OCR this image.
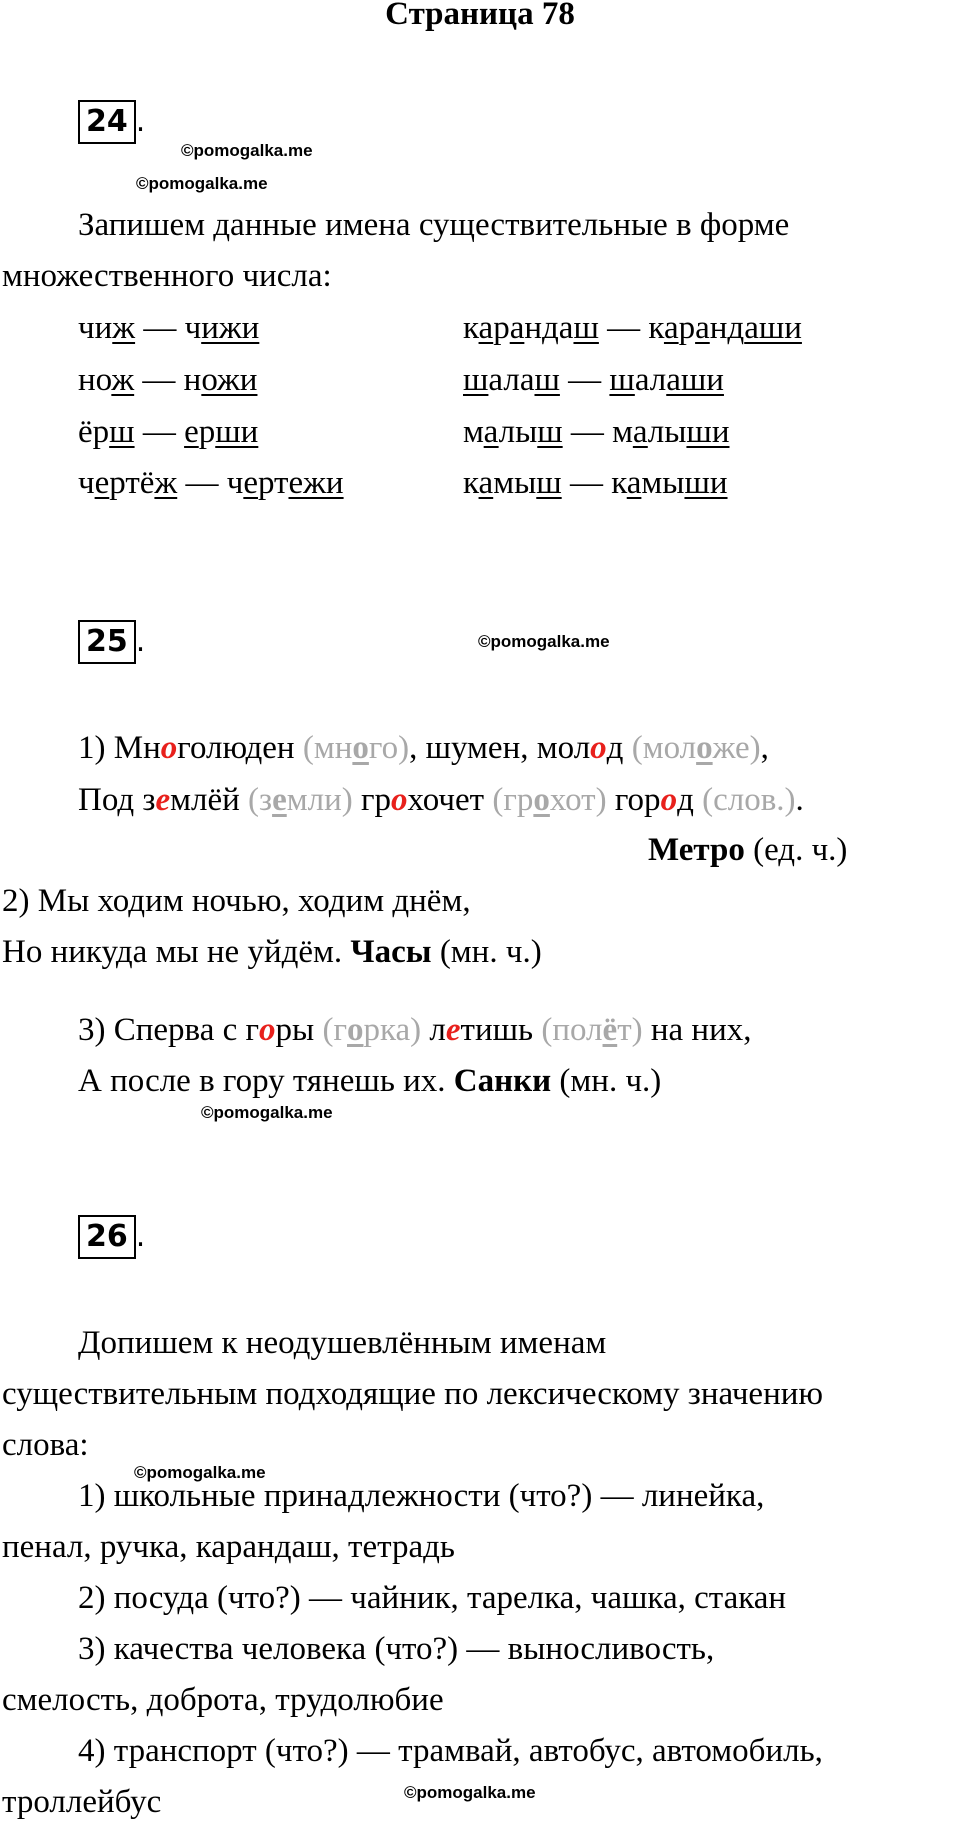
Страница 78
24 .
©pomogalka.me
©pomogalka.me
Запишем данные имена существительные в форме
множественного числа:
чиж — чижи
нож — ножи
ёрш — ерши
чертёж — чертежи
карандаш — карандаши
шалаш — шалаши
малыш — малыши
камыш — камыши
25 .	©pomogalka.me
1) Многолюден (много), шумен, молод (моложе),
Под землёй (земли) грохочет (грохот) город (слов.).
Метро (ед. ч.)
2) Мы ходим ночью, ходим днём,
Но никуда мы не уйдём. Часы (мн. ч.)
3) Сперва с горы (горка) летишь (полёт) на них,
А после в гору тянешь их. Санки (мн. ч.)
©pomogalka.me
26 .
Допишем к неодушевлённым именам
существительным подходящие по лексическому значению
слова:
©pomogalka.me
1) школьные принадлежности (что?) — линейка,
пенал, ручка, карандаш, тетрадь
2) посуда (что?) — чайник, тарелка, чашка, стакан
3) качества человека (что?) — выносливость,
смелость, доброта, трудолюбие
4) транспорт (что?) — трамвай, автобус, автомобиль,
троллейбус	©pomogalka.me
